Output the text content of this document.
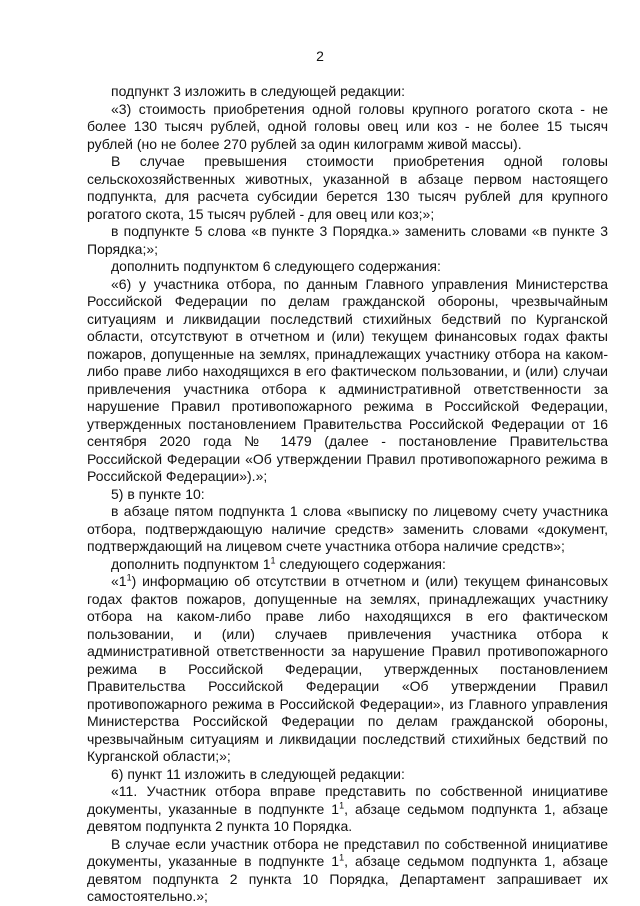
2

подпункт 3 изложить в следующей редакции:

«3) стоимость приобретения одной головы крупного рогатого скота - не более 130 тысяч рублей, одной головы овец или коз - не более 15 тысяч рублей (но не более 270 рублей за один килограмм живой массы).

В случае превышения стоимости приобретения одной головы сельскохозяйственных животных, указанной в абзаце первом настоящего подпункта, для расчета субсидии берется 130 тысяч рублей для крупного рогатого скота, 15 тысяч рублей - для овец или коз;»;

в подпункте 5 слова «в пункте 3 Порядка.» заменить словами «в пункте 3 Порядка;»;

дополнить подпунктом 6 следующего содержания:

«6) у участника отбора, по данным Главного управления Министерства Российской Федерации по делам гражданской обороны, чрезвычайным ситуациям и ликвидации последствий стихийных бедствий по Курганской области, отсутствуют в отчетном и (или) текущем финансовых годах факты пожаров, допущенные на землях, принадлежащих участнику отбора на каком-либо праве либо находящихся в его фактическом пользовании, и (или) случаи привлечения участника отбора к административной ответственности за нарушение Правил противопожарного режима в Российской Федерации, утвержденных постановлением Правительства Российской Федерации от 16 сентября 2020 года № 1479 (далее - постановление Правительства Российской Федерации «Об утверждении Правил противопожарного режима в Российской Федерации»).»;

5) в пункте 10:

в абзаце пятом подпункта 1 слова «выписку по лицевому счету участника отбора, подтверждающую наличие средств» заменить словами «документ, подтверждающий на лицевом счете участника отбора наличие средств»;

дополнить подпунктом $1^1$ следующего содержания:

«$1^1$) информацию об отсутствии в отчетном и (или) текущем финансовых годах фактов пожаров, допущенные на землях, принадлежащих участнику отбора на каком-либо праве либо находящихся в его фактическом пользовании, и (или) случаев привлечения участника отбора к административной ответственности за нарушение Правил противопожарного режима в Российской Федерации, утвержденных постановлением Правительства Российской Федерации «Об утверждении Правил противопожарного режима в Российской Федерации», из Главного управления Министерства Российской Федерации по делам гражданской обороны, чрезвычайным ситуациям и ликвидации последствий стихийных бедствий по Курганской области;»;

6) пункт 11 изложить в следующей редакции:

«11. Участник отбора вправе представить по собственной инициативе документы, указанные в подпункте $1^1$, абзаце седьмом подпункта 1, абзаце девятом подпункта 2 пункта 10 Порядка.

В случае если участник отбора не представил по собственной инициативе документы, указанные в подпункте $1^1$, абзаце седьмом подпункта 1, абзаце девятом подпункта 2 пункта 10 Порядка, Департамент запрашивает их самостоятельно.»;
